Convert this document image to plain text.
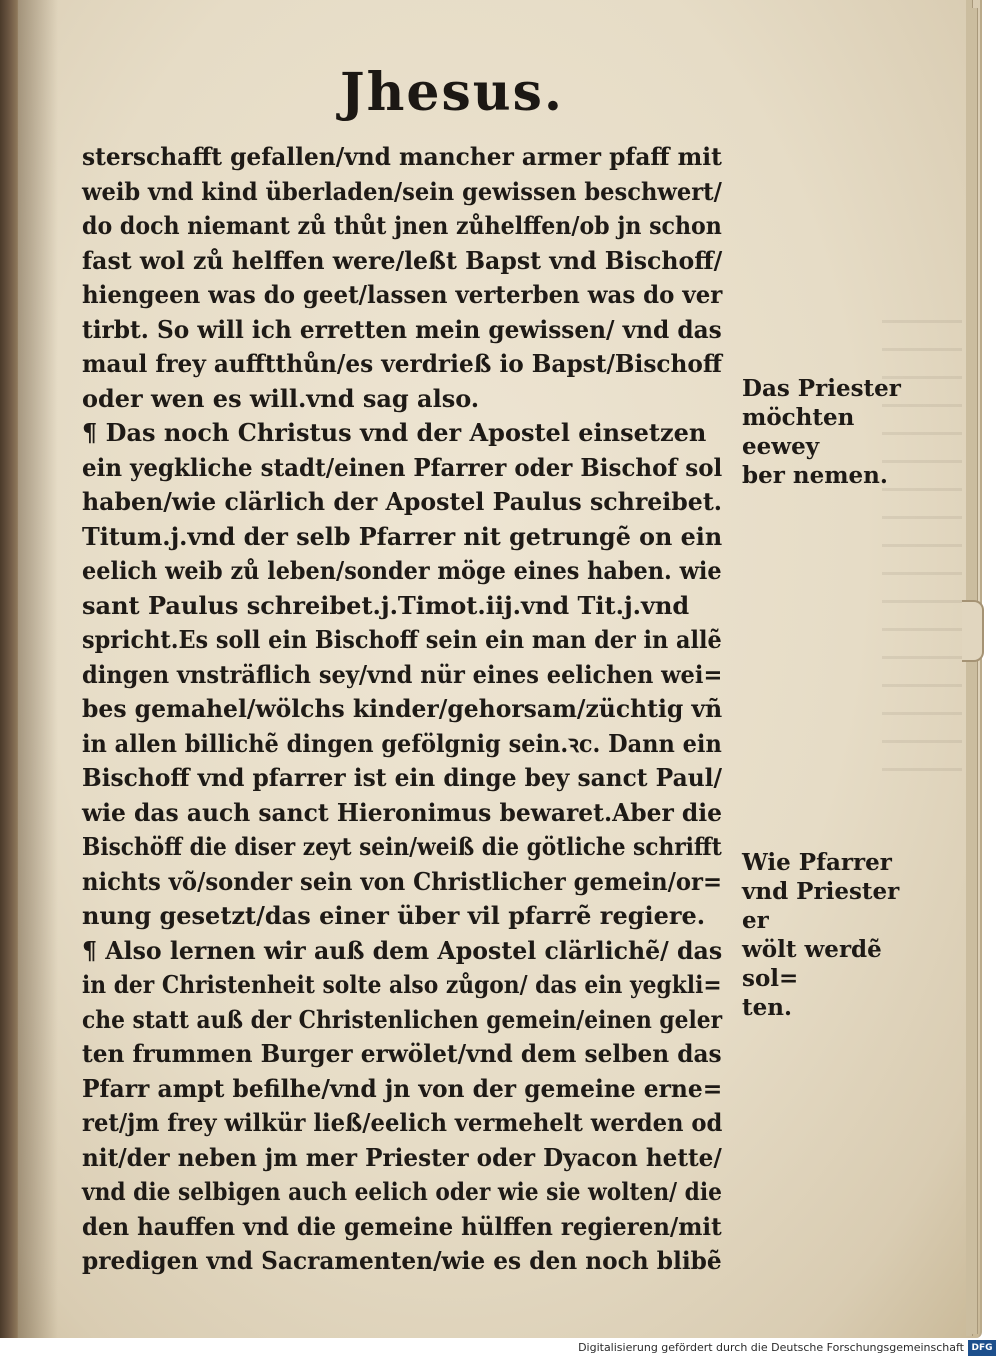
Jhesus.
sterschafft gefallen/vnd mancher armer pfaff mit
weib vnd kind überladen/sein gewissen beschwert/
do doch niemant zů thůt jnen zůhelffen/ob jn schon
fast wol zů helffen were/leßt Bapst vnd Bischoff/
hiengeen was do geet/lassen verterben was do ver
tirbt. So will ich erretten mein gewissen/ vnd das
maul frey aufftthůn/es verdrieß io Bapst/Bischoff
oder wen es will.vnd sag also.
¶ Das noch Christus vnd der Apostel einsetzen
ein yegkliche stadt/einen Pfarrer oder Bischof sol
haben/wie clärlich der Apostel Paulus schreibet.
Titum.j.vnd der selb Pfarrer nit getrungẽ on ein
eelich weib zů leben/sonder möge eines haben. wie
sant Paulus schreibet.j.Timot.iij.vnd Tit.j.vnd
spricht.Es soll ein Bischoff sein ein man der in allẽ
dingen vnsträflich sey/vnd nür eines eelichen wei=
bes gemahel/wölchs kinder/gehorsam/züchtig vñ
in allen billichẽ dingen gefölgnig sein.ꝛc. Dann ein
Bischoff vnd pfarrer ist ein dinge bey sanct Paul/
wie das auch sanct Hieronimus bewaret.Aber die
Bischöff die diser zeyt sein/weiß die götliche schrifft
nichts võ/sonder sein von Christlicher gemein/or=
nung gesetzt/das einer über vil pfarrẽ regiere.
¶ Also lernen wir auß dem Apostel clärlichẽ/ das
in der Christenheit solte also zůgon/ das ein yegkli=
che statt auß der Christenlichen gemein/einen geler
ten frummen Burger erwölet/vnd dem selben das
Pfarr ampt befilhe/vnd jn von der gemeine erne=
ret/jm frey wilkür ließ/eelich vermehelt werden od
nit/der neben jm mer Priester oder Dyacon hette/
vnd die selbigen auch eelich oder wie sie wolten/ die
den hauffen vnd die gemeine hülffen regieren/mit
predigen vnd Sacramenten/wie es den noch blibẽ
Das Priester
möchten eewey
ber nemen.
Wie Pfarrer
vnd Priester er
wölt werdẽ sol=
ten.
Digitalisierung gefördert durch die Deutsche Forschungsgemeinschaft DFG
